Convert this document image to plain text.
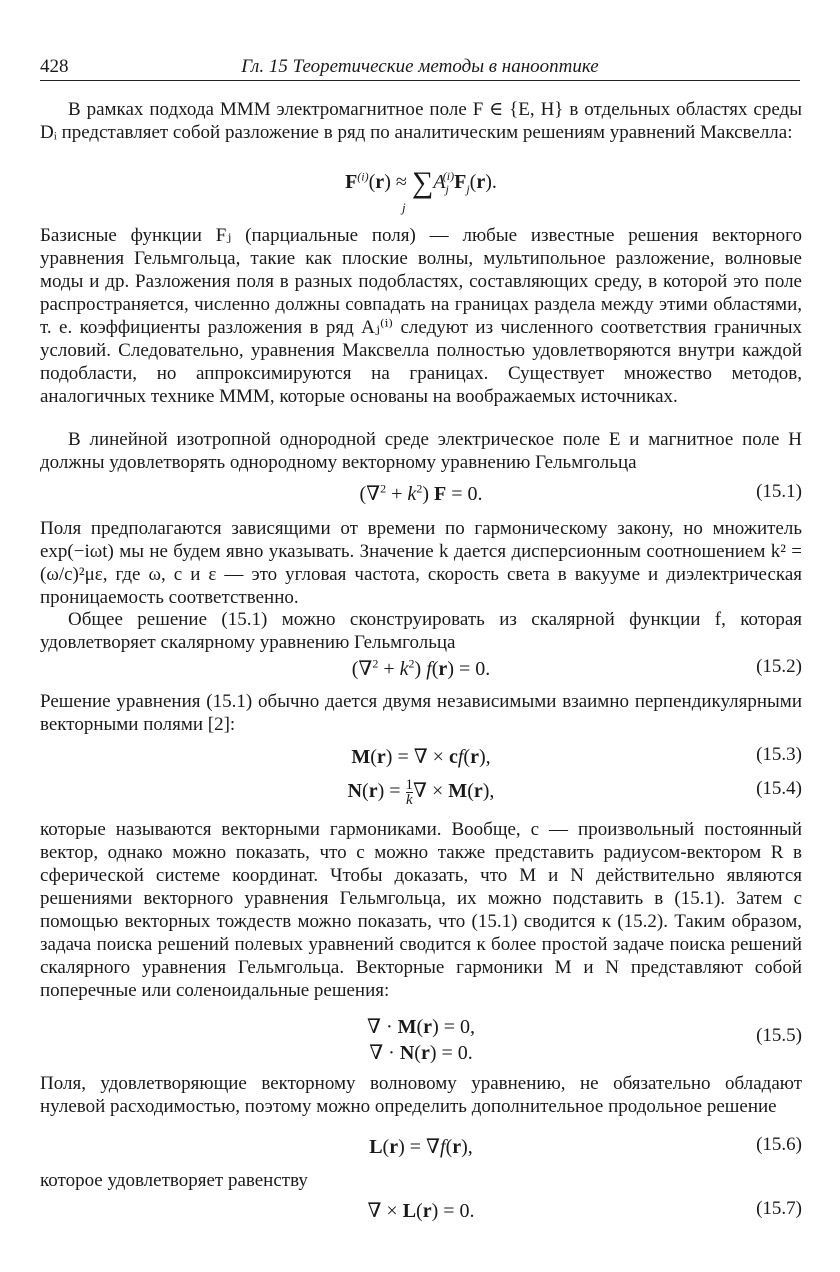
428	Гл. 15 Теоретические методы в нанооптике
В рамках подхода MMM электромагнитное поле F ∈ {E, H} в отдельных областях среды Dᵢ представляет собой разложение в ряд по аналитическим решениям уравнений Максвелла:
$F^{(i)}(r) \approx \sum A_j^{(i)}F_j(r)$.
j
Базисные функции Fⱼ (парциальные поля) — любые известные решения векторного уравнения Гельмгольца, такие как плоские волны, мультипольное разложение, волновые моды и др. Разложения поля в разных подобластях, составляющих среду, в которой это поле распространяется, численно должны совпадать на границах раздела между этими областями, т. е. коэффициенты разложения в ряд Aⱼ⁽ⁱ⁾ следуют из численного соответствия граничных условий. Следовательно, уравнения Максвелла полностью удовлетворяются внутри каждой подобласти, но аппроксимируются на границах. Существует множество методов, аналогичных технике MMM, которые основаны на воображаемых источниках.
В линейной изотропной однородной среде электрическое поле E и магнитное поле H должны удовлетворять однородному векторному уравнению Гельмгольца
$(\nabla^2 + k^2)$ F = 0.	(15.1)
Поля предполагаются зависящими от времени по гармоническому закону, но множитель exp(−iωt) мы не будем явно указывать. Значение k дается дисперсионным соотношением k² = (ω/c)²με, где ω, c и ε — это угловая частота, скорость света в вакууме и диэлектрическая проницаемость соответственно.
Общее решение (15.1) можно сконструировать из скалярной функции f, которая удовлетворяет скалярному уравнению Гельмгольца
$(\nabla^2 + k^2)$ f(r) = 0.	(15.2)
Решение уравнения (15.1) обычно дается двумя независимыми взаимно перпендикулярными векторными полями [2]:
M(r) = ∇ × cf(r),	(15.3)
$N(r) = \frac{1}{k}$ ∇ × M(r),	(15.4)
которые называются векторными гармониками. Вообще, c — произвольный постоянный вектор, однако можно показать, что c можно также представить радиусом-вектором R в сферической системе координат. Чтобы доказать, что M и N действительно являются решениями векторного уравнения Гельмгольца, их можно подставить в (15.1). Затем с помощью векторных тождеств можно показать, что (15.1) сводится к (15.2). Таким образом, задача поиска решений полевых уравнений сводится к более простой задаче поиска решений скалярного уравнения Гельмгольца. Векторные гармоники M и N представляют собой поперечные или соленоидальные решения:
∇ · M(r) = 0,
∇ · N(r) = 0.
(15.5)
Поля, удовлетворяющие векторному волновому уравнению, не обязательно обладают нулевой расходимостью, поэтому можно определить дополнительное продольное решение
L(r) = ∇f(r),	(15.6)
которое удовлетворяет равенству
∇ × L(r) = 0.	(15.7)
